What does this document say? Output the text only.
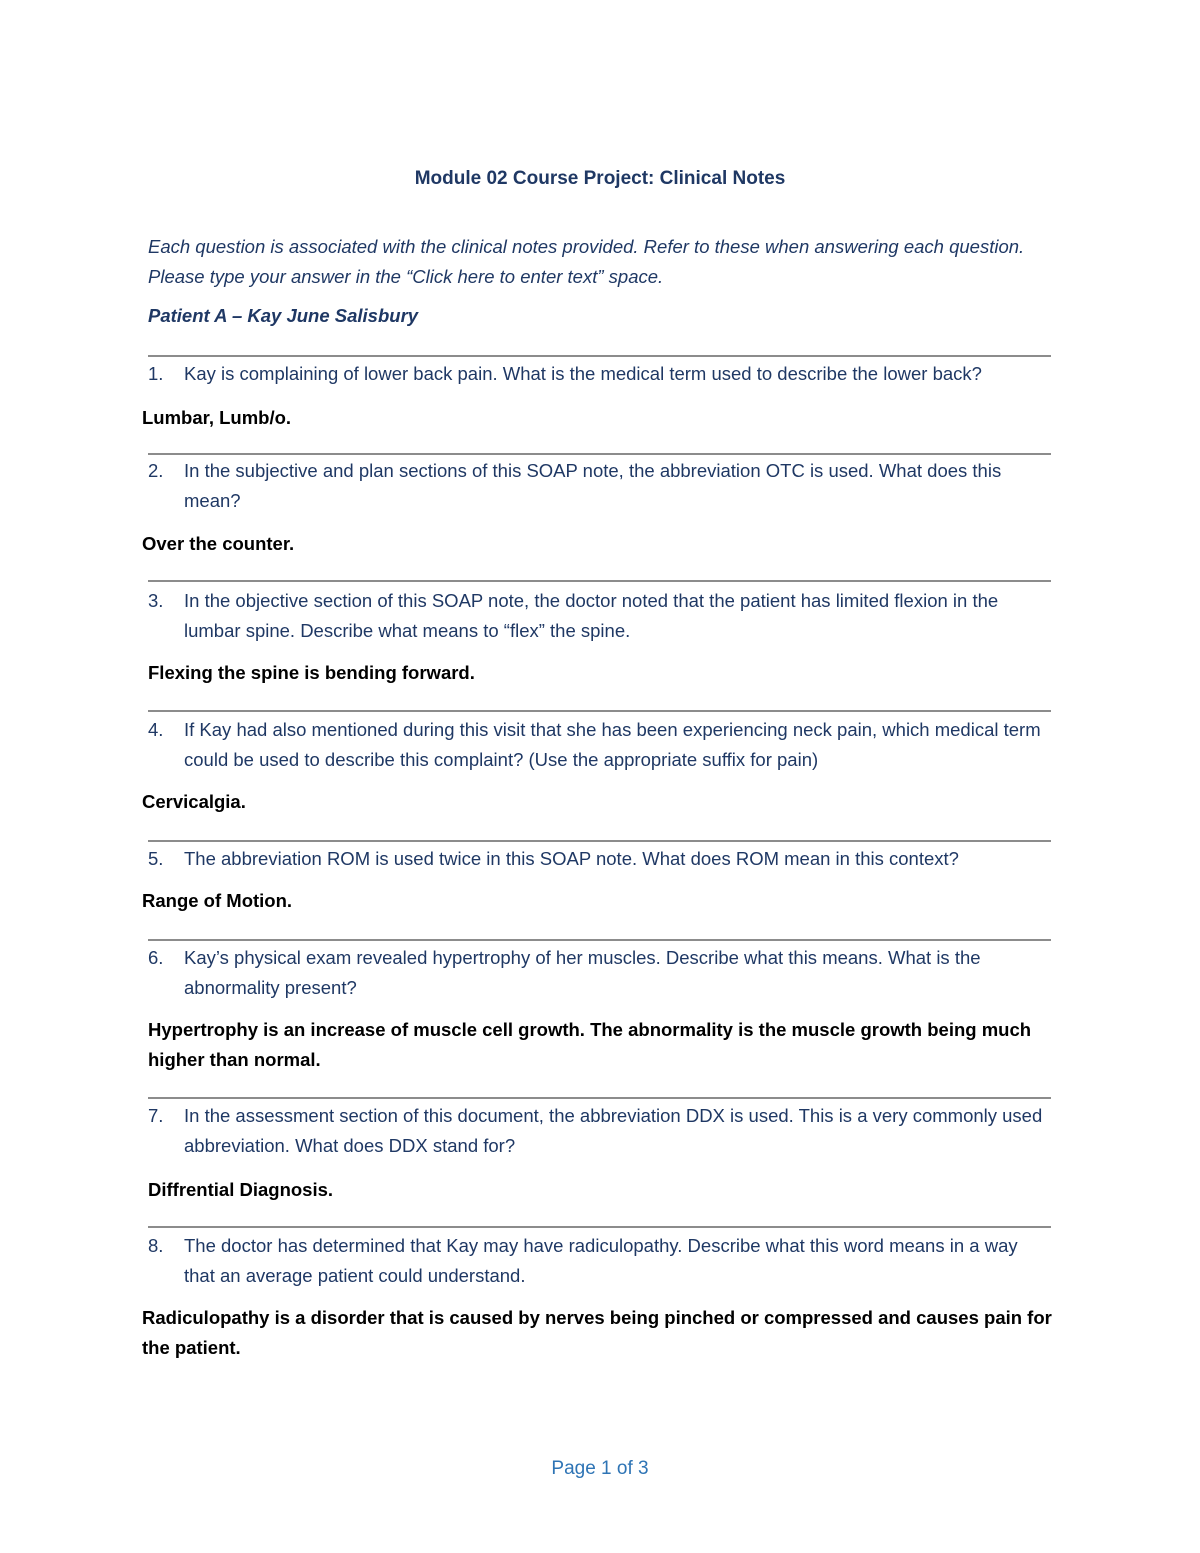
Module 02 Course Project: Clinical Notes
Each question is associated with the clinical notes provided. Refer to these when answering each question. Please type your answer in the “Click here to enter text” space.
Patient A – Kay June Salisbury
1.	Kay is complaining of lower back pain. What is the medical term used to describe the lower back?
Lumbar, Lumb/o.
2.	In the subjective and plan sections of this SOAP note, the abbreviation OTC is used. What does this mean?
Over the counter.
3.	In the objective section of this SOAP note, the doctor noted that the patient has limited flexion in the lumbar spine. Describe what means to “flex” the spine.
Flexing the spine is bending forward.
4.	If Kay had also mentioned during this visit that she has been experiencing neck pain, which medical term could be used to describe this complaint? (Use the appropriate suffix for pain)
Cervicalgia.
5.	The abbreviation ROM is used twice in this SOAP note. What does ROM mean in this context?
Range of Motion.
6.	Kay’s physical exam revealed hypertrophy of her muscles. Describe what this means. What is the abnormality present?
Hypertrophy is an increase of muscle cell growth. The abnormality is the muscle growth being much higher than normal.
7.	In the assessment section of this document, the abbreviation DDX is used. This is a very commonly used abbreviation. What does DDX stand for?
Diffrential Diagnosis.
8.	The doctor has determined that Kay may have radiculopathy. Describe what this word means in a way that an average patient could understand.
Radiculopathy is a disorder that is caused by nerves being pinched or compressed and causes pain for the patient.
Page 1 of 3
